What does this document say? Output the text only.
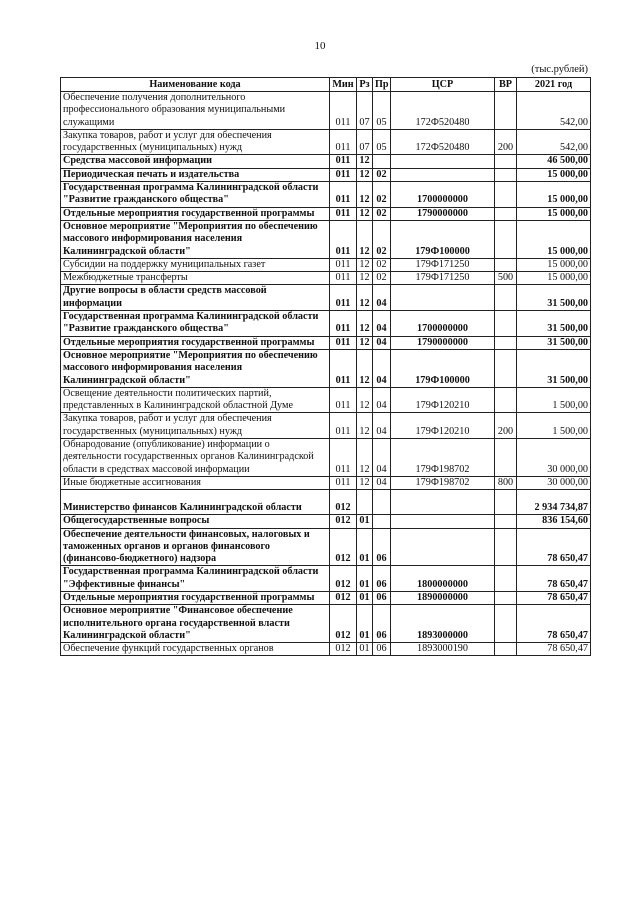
10
(тыс.рублей)
Наименование кода	Мин	Рз	Пр	ЦСР	ВР	2021 год
Обеспечение получения дополнительного профессионального образования муниципальными служащими	011	07	05	172Ф520480		542,00
Закупка товаров, работ и услуг для обеспечения государственных (муниципальных) нужд	011	07	05	172Ф520480	200	542,00
Средства массовой информации	011	12				46 500,00
Периодическая печать и издательства	011	12	02			15 000,00
Государственная программа Калининградской области "Развитие гражданского общества"	011	12	02	1700000000		15 000,00
Отдельные мероприятия государственной программы	011	12	02	1790000000		15 000,00
Основное мероприятие "Мероприятия по обеспечению массового информирования населения Калининградской области"	011	12	02	179Ф100000		15 000,00
Субсидии на поддержку муниципальных газет	011	12	02	179Ф171250		15 000,00
Межбюджетные трансферты	011	12	02	179Ф171250	500	15 000,00
Другие вопросы в области средств массовой информации	011	12	04			31 500,00
Государственная программа Калининградской области "Развитие гражданского общества"	011	12	04	1700000000		31 500,00
Отдельные мероприятия государственной программы	011	12	04	1790000000		31 500,00
Основное мероприятие "Мероприятия по обеспечению массового информирования населения Калининградской области"	011	12	04	179Ф100000		31 500,00
Освещение деятельности политических партий, представленных в Калининградской областной Думе	011	12	04	179Ф120210		1 500,00
Закупка товаров, работ и услуг для обеспечения государственных (муниципальных) нужд	011	12	04	179Ф120210	200	1 500,00
Обнародование (опубликование) информации о деятельности государственных органов Калининградской области в средствах массовой информации	011	12	04	179Ф198702		30 000,00
Иные бюджетные ассигнования	011	12	04	179Ф198702	800	30 000,00
Министерство финансов Калининградской области	012					2 934 734,87
Общегосударственные вопросы	012	01				836 154,60
Обеспечение деятельности финансовых, налоговых и таможенных органов и органов финансового (финансово-бюджетного) надзора	012	01	06			78 650,47
Государственная программа Калининградской области "Эффективные финансы"	012	01	06	1800000000		78 650,47
Отдельные мероприятия государственной программы	012	01	06	1890000000		78 650,47
Основное мероприятие "Финансовое обеспечение исполнительного органа государственной власти Калининградской области"	012	01	06	1893000000		78 650,47
Обеспечение функций государственных органов	012	01	06	1893000190		78 650,47
